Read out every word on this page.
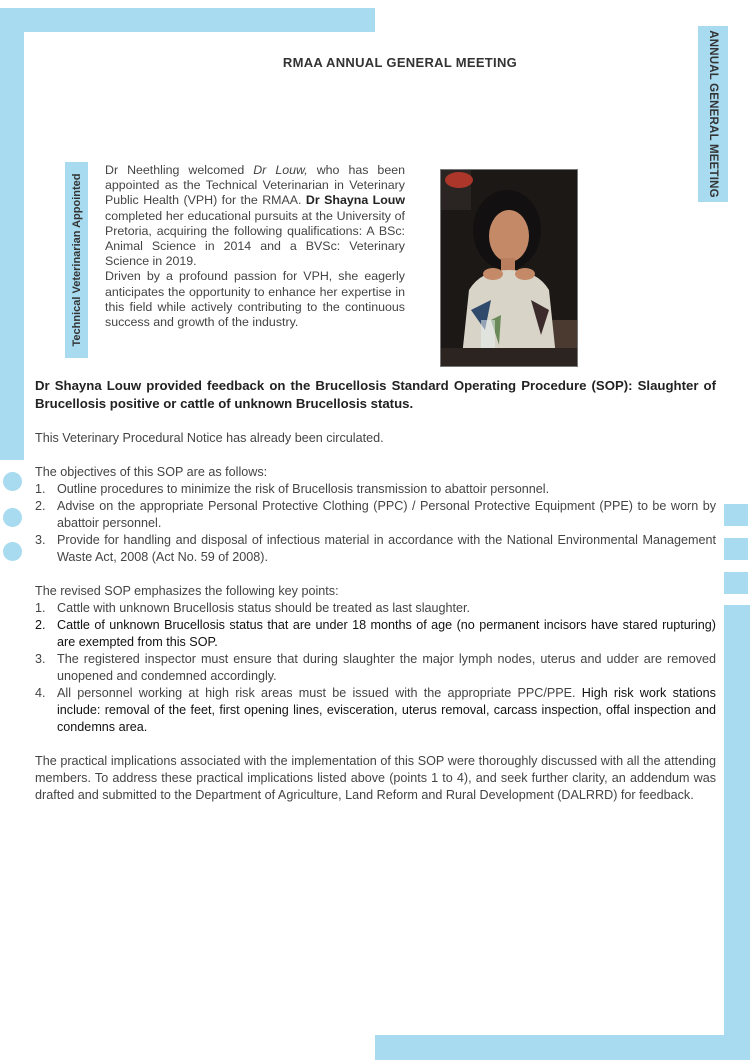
ANNUAL GENERAL MEETING
RMAA ANNUAL GENERAL MEETING
Technical Veterinarian Appointed

Dr Neethling welcomed Dr Louw, who has been appointed as the Technical Veterinarian in Veterinary Public Health (VPH) for the RMAA. Dr Shayna Louw completed her educational pursuits at the University of Pretoria, acquiring the following qualifications: A BSc: Animal Science in 2014 and a BVSc: Veterinary Science in 2019.

Driven by a profound passion for VPH, she eagerly anticipates the opportunity to enhance her expertise in this field while actively contributing to the continuous success and growth of the industry.

Dr Shayna Louw provided feedback on the Brucellosis Standard Operating Procedure (SOP): Slaughter of Brucellosis positive or cattle of unknown Brucellosis status.

This Veterinary Procedural Notice has already been circulated.

The objectives of this SOP are as follows:

1. Outline procedures to minimize the risk of Brucellosis transmission to abattoir personnel.
2. Advise on the appropriate Personal Protective Clothing (PPC) / Personal Protective Equipment (PPE) to be worn by abattoir personnel.
3. Provide for handling and disposal of infectious material in accordance with the National Environmental Management Waste Act, 2008 (Act No. 59 of 2008).

The revised SOP emphasizes the following key points:

1. Cattle with unknown Brucellosis status should be treated as last slaughter.
2. Cattle of unknown Brucellosis status that are under 18 months of age (no permanent incisors have stared rupturing) are exempted from this SOP.
3. The registered inspector must ensure that during slaughter the major lymph nodes, uterus and udder are removed unopened and condemned accordingly.
4. All personnel working at high risk areas must be issued with the appropriate PPC/PPE. High risk work stations include: removal of the feet, first opening lines, evisceration, uterus removal, carcass inspection, offal inspection and condemns area.

The practical implications associated with the implementation of this SOP were thoroughly discussed with all the attending members. To address these practical implications listed above (points 1 to 4), and seek further clarity, an addendum was drafted and submitted to the Department of Agriculture, Land Reform and Rural Development (DALRRD) for feedback.
